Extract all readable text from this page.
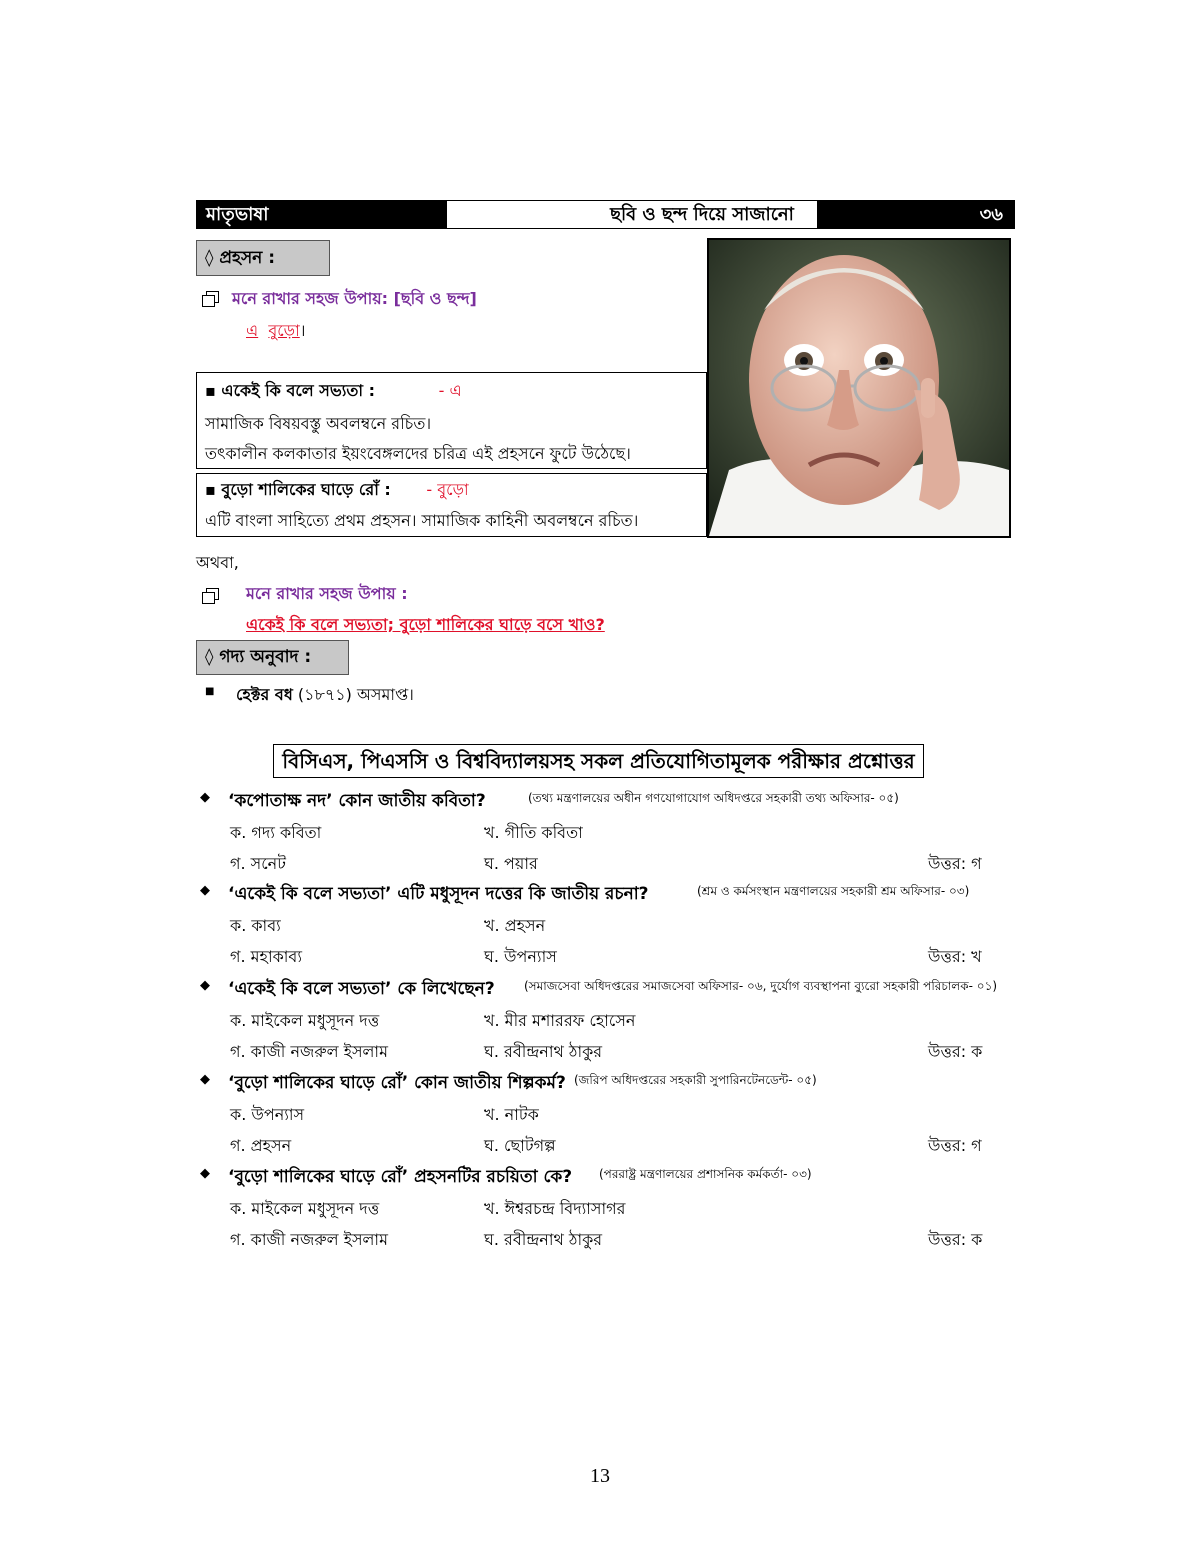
মাতৃভাষা	ছবি ও ছন্দ দিয়ে সাজানো	৩৬
◊ প্রহসন :
মনে রাখার সহজ উপায়: [ছবি ও ছন্দ]
এ বুড়ো।
▪ একেই কি বলে সভ্যতা :	- এ
সামাজিক বিষয়বস্তু অবলম্বনে রচিত।
তৎকালীন কলকাতার ইয়ংবেঙ্গলদের চরিত্র এই প্রহসনে ফুটে উঠেছে।
▪ বুড়ো শালিকের ঘাড়ে রোঁ : - বুড়ো
এটি বাংলা সাহিত্যে প্রথম প্রহসন। সামাজিক কাহিনী অবলম্বনে রচিত।
অথবা,
মনে রাখার সহজ উপায় :
একেই কি বলে সভ্যতা; বুড়ো শালিকের ঘাড়ে বসে খাও?
◊ গদ্য অনুবাদ :
■ হেক্টর বধ (১৮৭১) অসমাপ্ত।
বিসিএস, পিএসসি ও বিশ্ববিদ্যালয়সহ সকল প্রতিযোগিতামূলক পরীক্ষার প্রশ্নোত্তর
◆ ‘কপোতাক্ষ নদ’ কোন জাতীয় কবিতা?	(তথ্য মন্ত্রণালয়ের অধীন গণযোগাযোগ অধিদপ্তরে সহকারী তথ্য অফিসার- ০৫)
ক. গদ্য কবিতা	খ. গীতি কবিতা
গ. সনেট	ঘ. পয়ার	উত্তর: গ
◆ ‘একেই কি বলে সভ্যতা’ এটি মধুসূদন দত্তের কি জাতীয় রচনা?	(শ্রম ও কর্মসংস্থান মন্ত্রণালয়ের সহকারী শ্রম অফিসার- ০৩)
ক. কাব্য	খ. প্রহসন
গ. মহাকাব্য	ঘ. উপন্যাস	উত্তর: খ
◆ ‘একেই কি বলে সভ্যতা’ কে লিখেছেন? (সমাজসেবা অধিদপ্তরের সমাজসেবা অফিসার- ০৬, দুর্যোগ ব্যবস্থাপনা ব্যুরো সহকারী পরিচালক- ০১)
ক. মাইকেল মধুসূদন দত্ত	খ. মীর মশাররফ হোসেন
গ. কাজী নজরুল ইসলাম	ঘ. রবীন্দ্রনাথ ঠাকুর	উত্তর: ক
◆ ‘বুড়ো শালিকের ঘাড়ে রোঁ’ কোন জাতীয় শিল্পকর্ম? (জরিপ অধিদপ্তরের সহকারী সুপারিনটেনডেন্ট- ০৫)
ক. উপন্যাস	খ. নাটক
গ. প্রহসন	ঘ. ছোটগল্প	উত্তর: গ
◆ ‘বুড়ো শালিকের ঘাড়ে রোঁ’ প্রহসনটির রচয়িতা কে? (পররাষ্ট্র মন্ত্রণালয়ের প্রশাসনিক কর্মকর্তা- ০৩)
ক. মাইকেল মধুসূদন দত্ত	খ. ঈশ্বরচন্দ্র বিদ্যাসাগর
গ. কাজী নজরুল ইসলাম	ঘ. রবীন্দ্রনাথ ঠাকুর	উত্তর: ক
13
